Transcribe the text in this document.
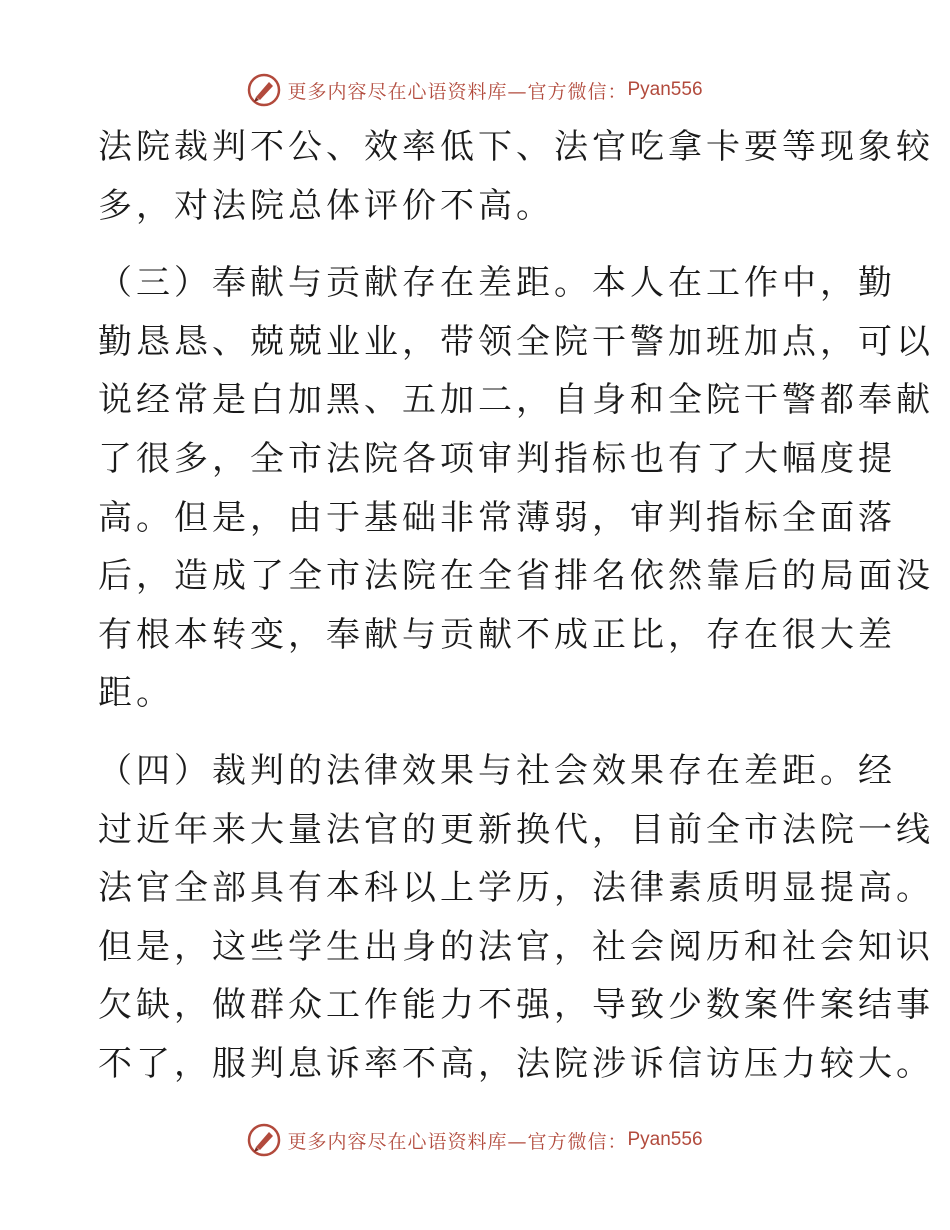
更多内容尽在心语资料库—官方微信： Pyan556
法院裁判不公、效率低下、法官吃拿卡要等现象较
多，对法院总体评价不高。
（三）奉献与贡献存在差距。本人在工作中，勤
勤恳恳、兢兢业业，带领全院干警加班加点，可以
说经常是白加黑、五加二，自身和全院干警都奉献
了很多，全市法院各项审判指标也有了大幅度提
高。但是，由于基础非常薄弱，审判指标全面落
后，造成了全市法院在全省排名依然靠后的局面没
有根本转变，奉献与贡献不成正比，存在很大差
距。
（四）裁判的法律效果与社会效果存在差距。经
过近年来大量法官的更新换代，目前全市法院一线
法官全部具有本科以上学历，法律素质明显提高。
但是，这些学生出身的法官，社会阅历和社会知识
欠缺，做群众工作能力不强，导致少数案件案结事
不了，服判息诉率不高，法院涉诉信访压力较大。
更多内容尽在心语资料库—官方微信： Pyan556
